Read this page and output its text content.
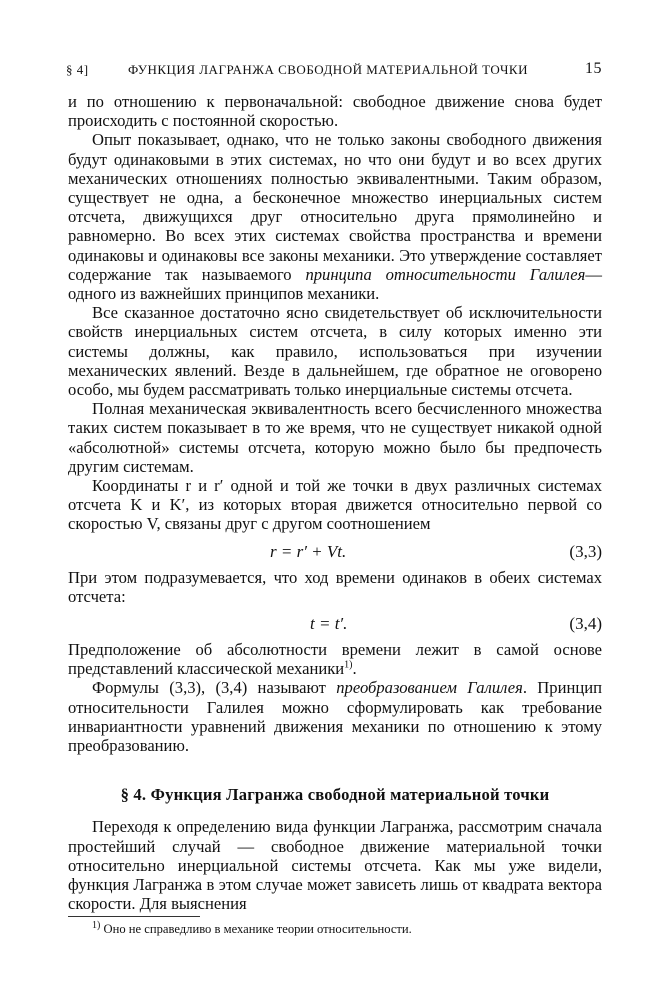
§ 4]	ФУНКЦИЯ ЛАГРАНЖА СВОБОДНОЙ МАТЕРИАЛЬНОЙ ТОЧКИ	15

и по отношению к первоначальной: свободное движение снова будет происходить с постоянной скоростью.

Опыт показывает, однако, что не только законы свободного движения будут одинаковыми в этих системах, но что они будут и во всех других механических отношениях полностью эквивалентными. Таким образом, существует не одна, а бесконечное множество инерциальных систем отсчета, движущихся друг относительно друга прямолинейно и равномерно. Во всех этих системах свойства пространства и времени одинаковы и одинаковы все законы механики. Это утверждение составляет содержание так называемого принципа относительности Галилея— одного из важнейших принципов механики.

Все сказанное достаточно ясно свидетельствует об исключительности свойств инерциальных систем отсчета, в силу которых именно эти системы должны, как правило, использоваться при изучении механических явлений. Везде в дальнейшем, где обратное не оговорено особо, мы будем рассматривать только инерциальные системы отсчета.

Полная механическая эквивалентность всего бесчисленного множества таких систем показывает в то же время, что не существует никакой одной «абсолютной» системы отсчета, которую можно было бы предпочесть другим системам.

Координаты r и r′ одной и той же точки в двух различных системах отсчета K и K′, из которых вторая движется относительно первой со скоростью V, связаны друг с другом соотношением

r = r′ + Vt.	(3,3)

При этом подразумевается, что ход времени одинаков в обеих системах отсчета:

t = t′.	(3,4)

Предположение об абсолютности времени лежит в самой основе представлений классической механики$^{1)}$.

Формулы (3,3), (3,4) называют преобразованием Галилея. Принцип относительности Галилея можно сформулировать как требование инвариантности уравнений движения механики по отношению к этому преобразованию.

§ 4. Функция Лагранжа свободной материальной точки

Переходя к определению вида функции Лагранжа, рассмотрим сначала простейший случай — свободное движение материальной точки относительно инерциальной системы отсчета. Как мы уже видели, функция Лагранжа в этом случае может зависеть лишь от квадрата вектора скорости. Для выяснения

$^{1)}$ Оно не справедливо в механике теории относительности.
